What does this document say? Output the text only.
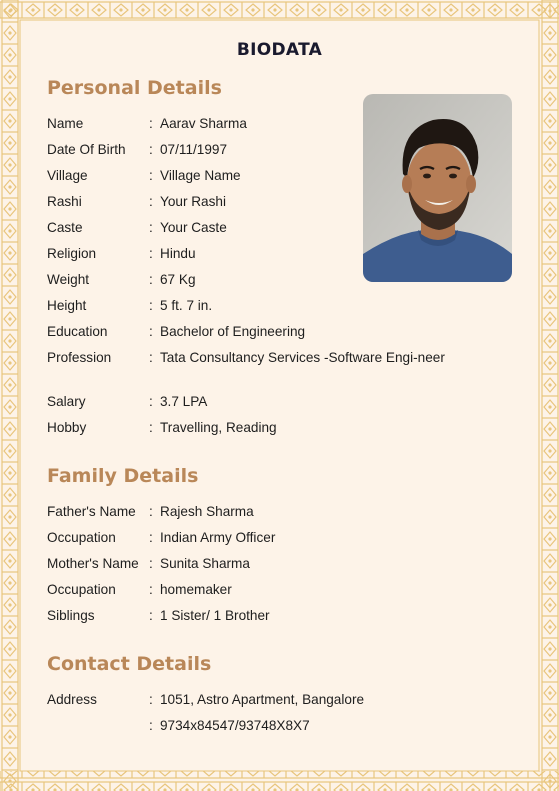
BIODATA
Personal Details
Name	: Aarav Sharma
Date Of Birth : 07/11/1997
Village	: Village Name
Rashi	: Your Rashi
Caste	: Your Caste
Religion	: Hindu
Weight	: 67 Kg
Height	: 5 ft. 7 in.
Education	: Bachelor of Engineering
Profession	: Tata Consultancy Services -Software Engi-neer
Salary	: 3.7 LPA
Hobby	: Travelling, Reading
Family Details
Father's Name : Rajesh Sharma
Occupation : Indian Army Officer
Mother's Name : Sunita Sharma
Occupation : homemaker
Siblings	: 1 Sister/ 1 Brother
Contact Details
Address	: 1051, Astro Apartment, Bangalore
: 9734x84547/93748X8X7
